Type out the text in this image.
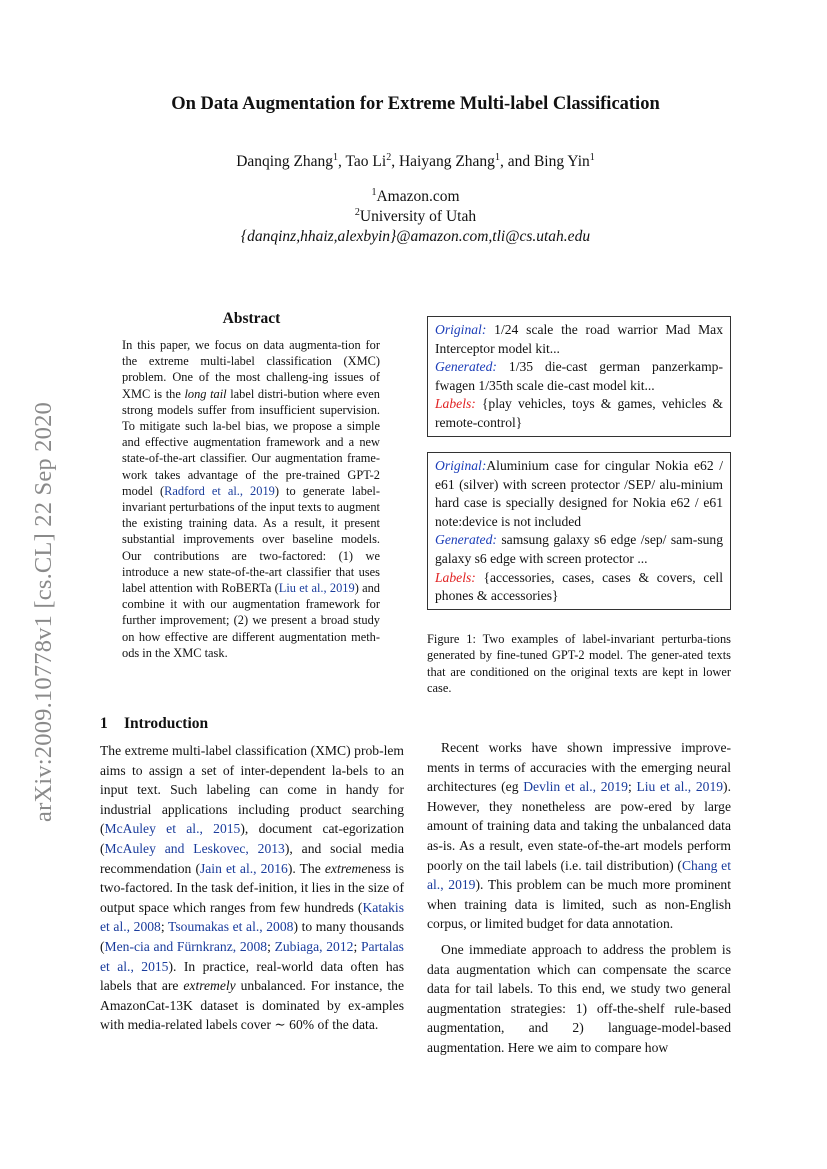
arXiv:2009.10778v1 [cs.CL] 22 Sep 2020
On Data Augmentation for Extreme Multi-label Classification
Danqing Zhang$^1$, Tao Li$^2$, Haiyang Zhang$^1$, and Bing Yin$^1$
$^1$Amazon.com
$^2$University of Utah
{danqinz,hhaiz,alexbyin}@amazon.com,tli@cs.utah.edu
Abstract
In this paper, we focus on data augmenta-tion for the extreme multi-label classification (XMC) problem. One of the most challeng-ing issues of XMC is the long tail label distri-bution where even strong models suffer from insufficient supervision. To mitigate such la-bel bias, we propose a simple and effective augmentation framework and a new state-of-the-art classifier. Our augmentation frame-work takes advantage of the pre-trained GPT-2 model (Radford et al., 2019) to generate label-invariant perturbations of the input texts to augment the existing training data. As a result, it present substantial improvements over baseline models. Our contributions are two-factored: (1) we introduce a new state-of-the-art classifier that uses label attention with RoBERTa (Liu et al., 2019) and combine it with our augmentation framework for further improvement; (2) we present a broad study on how effective are different augmentation meth-ods in the XMC task.
Original: 1/24 scale the road warrior Mad Max Interceptor model kit...
Generated: 1/35 die-cast german panzerkamp-fwagen 1/35th scale die-cast model kit...
Labels: {play vehicles, toys & games, vehicles & remote-control}
Original:Aluminium case for cingular Nokia e62 / e61 (silver) with screen protector /SEP/ alu-minium hard case is specially designed for Nokia e62 / e61 note:device is not included
Generated: samsung galaxy s6 edge /sep/ sam-sung galaxy s6 edge with screen protector ...
Labels: {accessories, cases, cases & covers, cell phones & accessories}
Figure 1: Two examples of label-invariant perturba-tions generated by fine-tuned GPT-2 model. The gener-ated texts that are conditioned on the original texts are kept in lower case.
1 Introduction

The extreme multi-label classification (XMC) prob-lem aims to assign a set of inter-dependent la-bels to an input text. Such labeling can come in handy for industrial applications including product searching (McAuley et al., 2015), document cat-egorization (McAuley and Leskovec, 2013), and social media recommendation (Jain et al., 2016). The extremeness is two-factored. In the task def-inition, it lies in the size of output space which ranges from few hundreds (Katakis et al., 2008; Tsoumakas et al., 2008) to many thousands (Men-cia and Fürnkranz, 2008; Zubiaga, 2012; Partalas et al., 2015). In practice, real-world data often has labels that are extremely unbalanced. For instance, the AmazonCat-13K dataset is dominated by ex-amples with media-related labels cover ∼ 60% of the data.

Recent works have shown impressive improve-ments in terms of accuracies with the emerging neural architectures (eg Devlin et al., 2019; Liu et al., 2019). However, they nonetheless are pow-ered by large amount of training data and taking the unbalanced data as-is. As a result, even state-of-the-art models perform poorly on the tail labels (i.e. tail distribution) (Chang et al., 2019). This problem can be much more prominent when training data is limited, such as non-English corpus, or limited budget for data annotation.

One immediate approach to address the problem is data augmentation which can compensate the scarce data for tail labels. To this end, we study two general augmentation strategies: 1) off-the-shelf rule-based augmentation, and 2) language-model-based augmentation. Here we aim to compare how
